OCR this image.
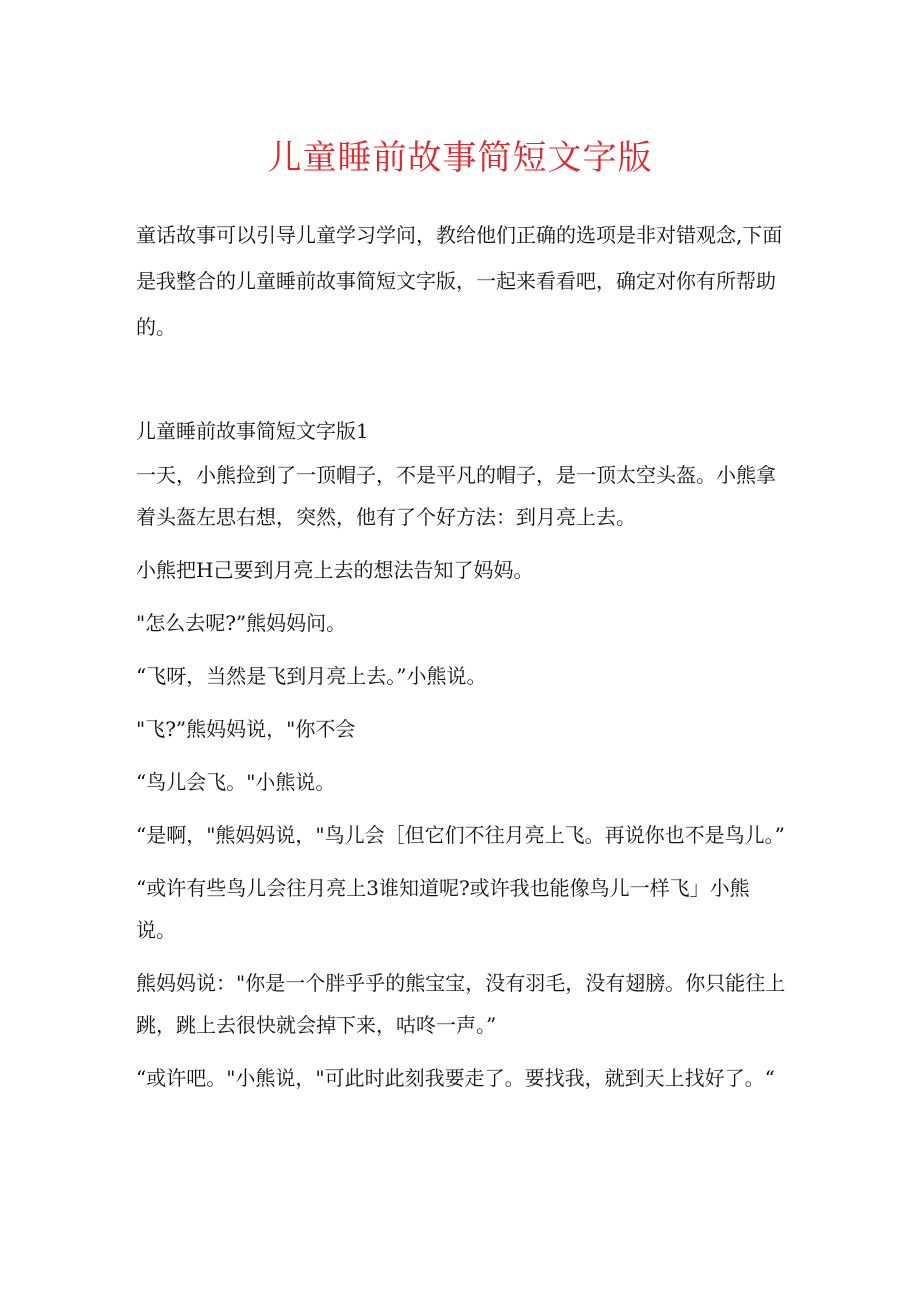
儿童睡前故事简短文字版

童话故事可以引导儿童学习学问，教给他们正确的选项是非对错观念,下面是我整合的儿童睡前故事简短文字版，一起来看看吧，确定对你有所帮助的。

儿童睡前故事简短文字版1

一天，小熊捡到了一顶帽子，不是平凡的帽子，是一顶太空头盔。小熊拿着头盔左思右想，突然，他有了个好方法：到月亮上去。

小熊把H己要到月亮上去的想法告知了妈妈。

"怎么去呢?”熊妈妈问。

“飞呀，当然是飞到月亮上去。”小熊说。

"飞?”熊妈妈说，"你不会

“鸟儿会飞。"小熊说。

“是啊，"熊妈妈说，"鸟儿会［但它们不往月亮上飞。再说你也不是鸟儿。”

“或许有些鸟儿会往月亮上3谁知道呢?或许我也能像鸟儿一样飞」小熊说。

熊妈妈说："你是一个胖乎乎的熊宝宝，没有羽毛，没有翅膀。你只能往上跳，跳上去很快就会掉下来，咕咚一声。”

“或许吧。"小熊说，"可此时此刻我要走了。要找我，就到天上找好了。“
